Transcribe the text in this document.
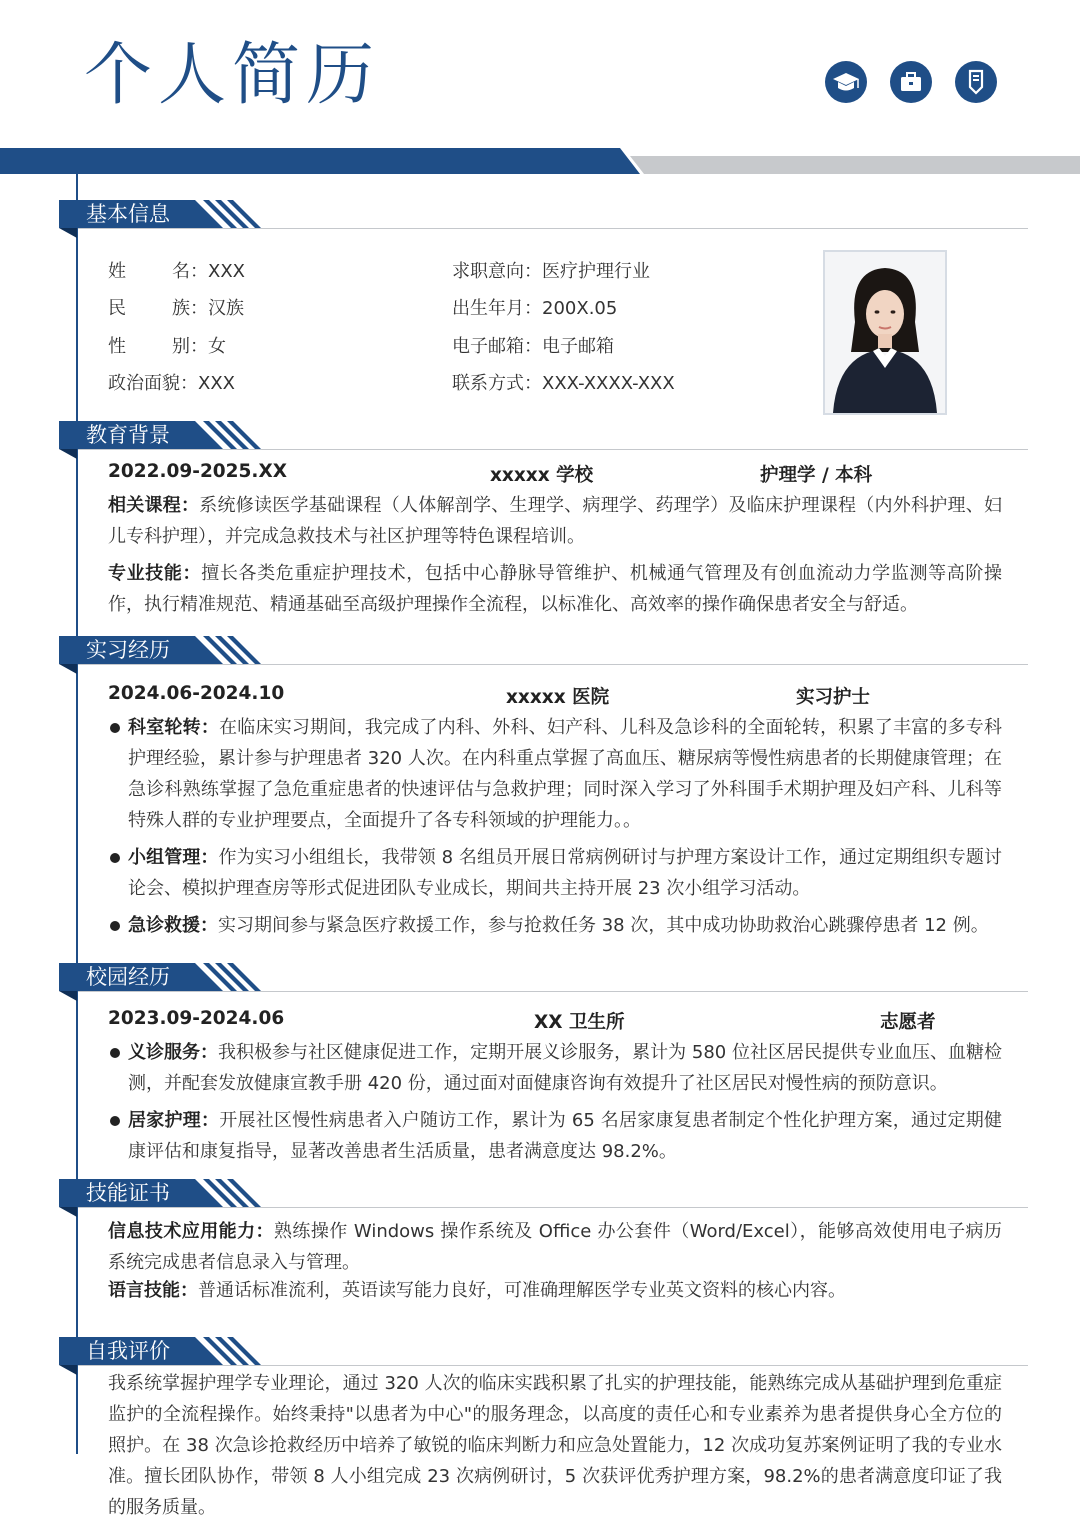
个人简历
基本信息
姓　　名：XXX
民　　族：汉族
性　　别：女
政治面貌：XXX
求职意向：医疗护理行业
出生年月：200X.05
电子邮箱：电子邮箱
联系方式：XXX-XXXX-XXX
教育背景
2022.09-2025.XX	xxxxx 学校	护理学 / 本科
相关课程：系统修读医学基础课程（人体解剖学、生理学、病理学、药理学）及临床护理课程（内外科护理、妇儿专科护理），并完成急救技术与社区护理等特色课程培训。
专业技能：擅长各类危重症护理技术，包括中心静脉导管维护、机械通气管理及有创血流动力学监测等高阶操作，执行精准规范、精通基础至高级护理操作全流程，以标准化、高效率的操作确保患者安全与舒适。
实习经历
2024.06-2024.10	xxxxx 医院	实习护士
科室轮转：在临床实习期间，我完成了内科、外科、妇产科、儿科及急诊科的全面轮转，积累了丰富的多专科护理经验，累计参与护理患者 320 人次。在内科重点掌握了高血压、糖尿病等慢性病患者的长期健康管理；在急诊科熟练掌握了急危重症患者的快速评估与急救护理；同时深入学习了外科围手术期护理及妇产科、儿科等特殊人群的专业护理要点，全面提升了各专科领域的护理能力。。
小组管理：作为实习小组组长，我带领 8 名组员开展日常病例研讨与护理方案设计工作，通过定期组织专题讨论会、模拟护理查房等形式促进团队专业成长，期间共主持开展 23 次小组学习活动。
急诊救援：实习期间参与紧急医疗救援工作，参与抢救任务 38 次，其中成功协助救治心跳骤停患者 12 例。
校园经历
2023.09-2024.06	XX 卫生所	志愿者
义诊服务：我积极参与社区健康促进工作，定期开展义诊服务，累计为 580 位社区居民提供专业血压、血糖检测，并配套发放健康宣教手册 420 份，通过面对面健康咨询有效提升了社区居民对慢性病的预防意识。
居家护理：开展社区慢性病患者入户随访工作，累计为 65 名居家康复患者制定个性化护理方案，通过定期健康评估和康复指导，显著改善患者生活质量，患者满意度达 98.2%。
技能证书
信息技术应用能力：熟练操作 Windows 操作系统及 Office 办公套件（Word/Excel），能够高效使用电子病历系统完成患者信息录入与管理。
语言技能：普通话标准流利，英语读写能力良好，可准确理解医学专业英文资料的核心内容。
自我评价
我系统掌握护理学专业理论，通过 320 人次的临床实践积累了扎实的护理技能，能熟练完成从基础护理到危重症监护的全流程操作。始终秉持"以患者为中心"的服务理念，以高度的责任心和专业素养为患者提供身心全方位的照护。在 38 次急诊抢救经历中培养了敏锐的临床判断力和应急处置能力，12 次成功复苏案例证明了我的专业水准。擅长团队协作，带领 8 人小组完成 23 次病例研讨，5 次获评优秀护理方案，98.2%的患者满意度印证了我的服务质量。
